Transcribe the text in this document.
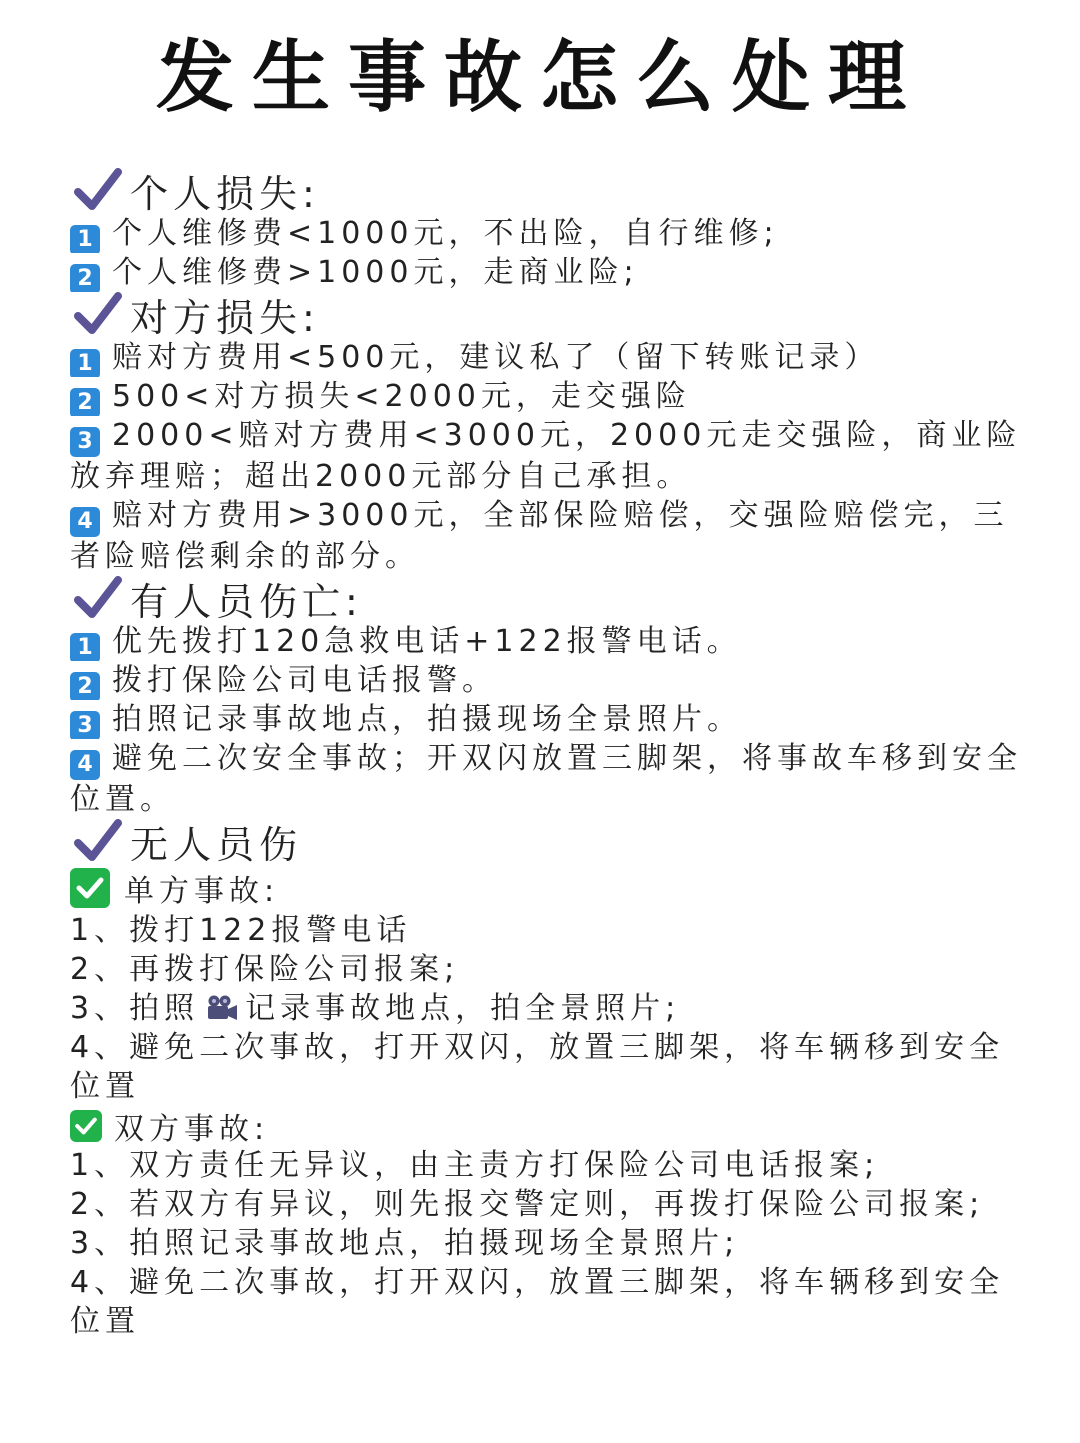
发生事故怎么处理
个人损失:
1 个人维修费<1000元，不出险，自行维修;
2 个人维修费>1000元，走商业险;
对方损失:
1 赔对方费用<500元，建议私了（留下转账记录）
2 500<对方损失<2000元，走交强险
3 2000<赔对方费用<3000元，2000元走交强险，商业险放弃理赔；超出2000元部分自己承担。
4 赔对方费用>3000元，全部保险赔偿，交强险赔偿完，三者险赔偿剩余的部分。
有人员伤亡:
1 优先拨打120急救电话+122报警电话。
2 拨打保险公司电话报警。
3 拍照记录事故地点，拍摄现场全景照片。
4 避免二次安全事故；开双闪放置三脚架，将事故车移到安全位置。
无人员伤
单方事故:
1、拨打122报警电话
2、再拨打保险公司报案;
3、拍照 记录事故地点，拍全景照片;
4、避免二次事故，打开双闪，放置三脚架，将车辆移到安全位置
双方事故:
1、双方责任无异议，由主责方打保险公司电话报案;
2、若双方有异议，则先报交警定则，再拨打保险公司报案;
3、拍照记录事故地点，拍摄现场全景照片;
4、避免二次事故，打开双闪，放置三脚架，将车辆移到安全位置
